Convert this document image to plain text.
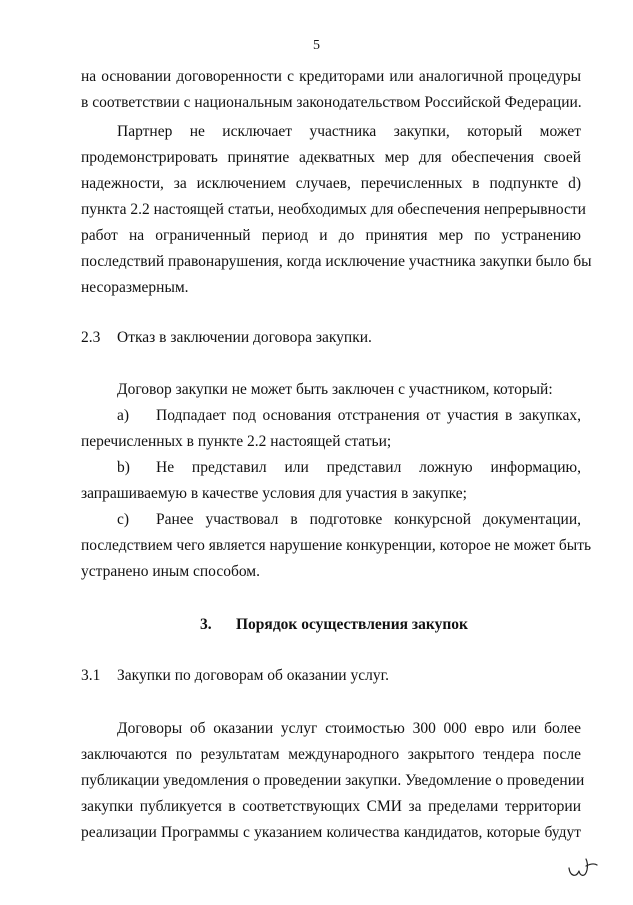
5
на основании договоренности с кредиторами или аналогичной процедуры
в соответствии с национальным законодательством Российской Федерации.
Партнер не исключает участника закупки, который может
продемонстрировать принятие адекватных мер для обеспечения своей
надежности, за исключением случаев, перечисленных в подпункте d)
пункта 2.2 настоящей статьи, необходимых для обеспечения непрерывности
работ на ограниченный период и до принятия мер по устранению
последствий правонарушения, когда исключение участника закупки было бы
несоразмерным.
2.3 Отказ в заключении договора закупки.
Договор закупки не может быть заключен с участником, который:
a)	Подпадает под основания отстранения от участия в закупках,
перечисленных в пункте 2.2 настоящей статьи;
b)	Не представил или представил ложную информацию,
запрашиваемую в качестве условия для участия в закупке;
c)	Ранее участвовал в подготовке конкурсной документации,
последствием чего является нарушение конкуренции, которое не может быть
устранено иным способом.
3. Порядок осуществления закупок
3.1 Закупки по договорам об оказании услуг.
Договоры об оказании услуг стоимостью 300 000 евро или более
заключаются по результатам международного закрытого тендера после
публикации уведомления о проведении закупки. Уведомление о проведении
закупки публикуется в соответствующих СМИ за пределами территории
реализации Программы с указанием количества кандидатов, которые будут
